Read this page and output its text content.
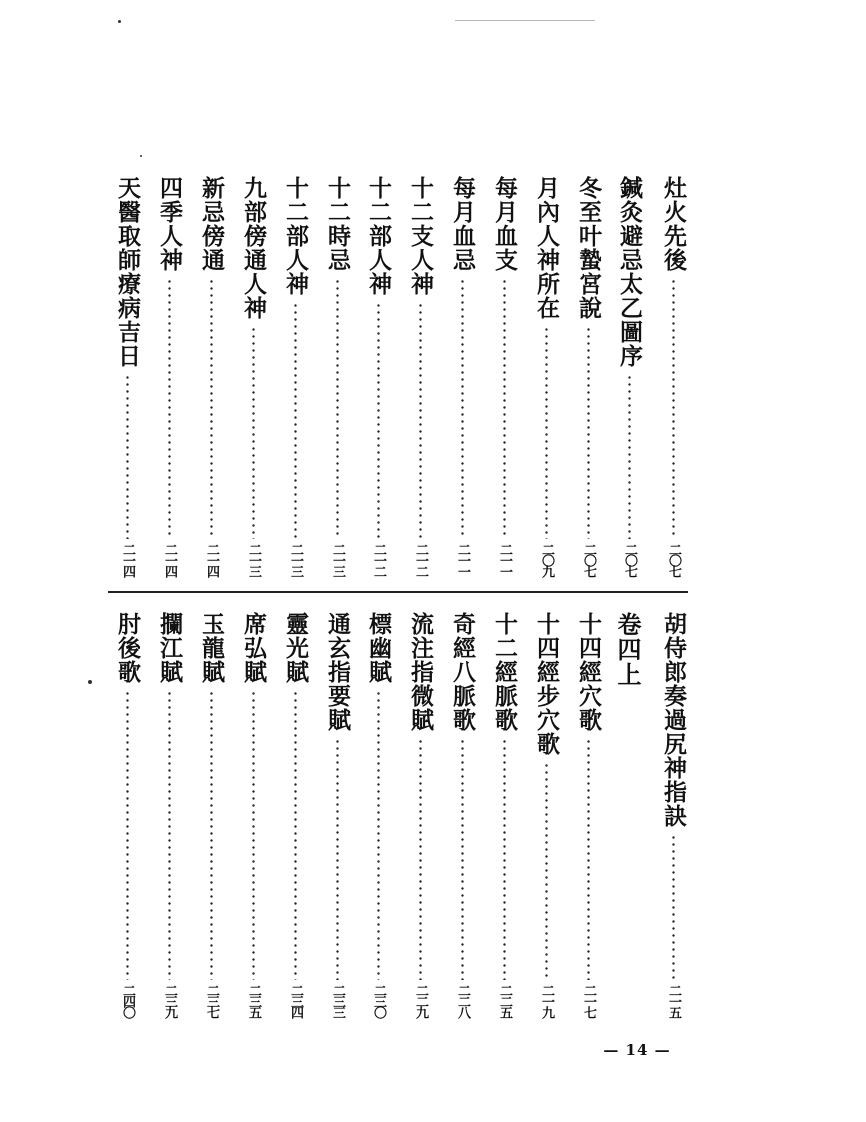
灶火先後
二〇七
鍼灸避忌太乙圖序
二〇七
冬至叶蟄宮說
二〇七
月內人神所在
二〇九
每月血支
二一一
每月血忌
二一一
十二支人神
二一二
十二部人神
二一二
十二時忌
二一三
十二部人神
二一三
九部傍通人神
二一三
新忌傍通
二一四
四季人神
二一四
天醫取師療病吉日
二一四
胡侍郎奏過尻神指訣
二一五
卷四上
十四經穴歌
二一七
十四經步穴歌
二一九
十二經脈歌
二二五
奇經八脈歌
二二八
流注指微賦
二二九
標幽賦
二三〇
通玄指要賦
二三三
靈光賦
二三四
席弘賦
二三五
玉龍賦
二三七
攔江賦
二三九
肘後歌
二四〇
— 14 —
